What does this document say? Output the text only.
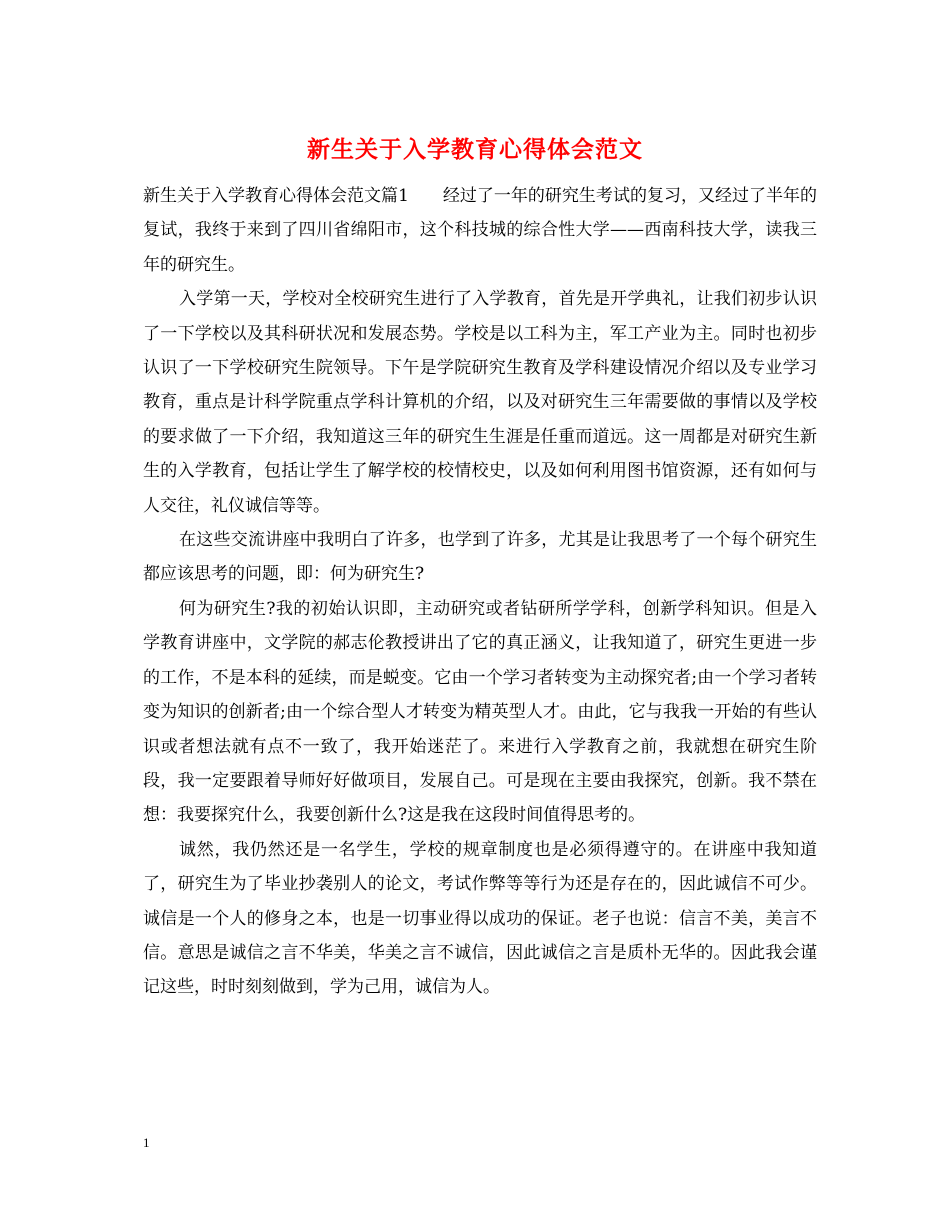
新生关于入学教育心得体会范文

新生关于入学教育心得体会范文篇1　　经过了一年的研究生考试的复习，又经过了半年的复试，我终于来到了四川省绵阳市，这个科技城的综合性大学——西南科技大学，读我三年的研究生。

入学第一天，学校对全校研究生进行了入学教育，首先是开学典礼，让我们初步认识了一下学校以及其科研状况和发展态势。学校是以工科为主，军工产业为主。同时也初步认识了一下学校研究生院领导。下午是学院研究生教育及学科建设情况介绍以及专业学习教育，重点是计科学院重点学科计算机的介绍，以及对研究生三年需要做的事情以及学校的要求做了一下介绍，我知道这三年的研究生生涯是任重而道远。这一周都是对研究生新生的入学教育，包括让学生了解学校的校情校史，以及如何利用图书馆资源，还有如何与人交往，礼仪诚信等等。

在这些交流讲座中我明白了许多，也学到了许多，尤其是让我思考了一个每个研究生都应该思考的问题，即：何为研究生?

何为研究生?我的初始认识即，主动研究或者钻研所学学科，创新学科知识。但是入学教育讲座中，文学院的郝志伦教授讲出了它的真正涵义，让我知道了，研究生更进一步的工作，不是本科的延续，而是蜕变。它由一个学习者转变为主动探究者;由一个学习者转变为知识的创新者;由一个综合型人才转变为精英型人才。由此，它与我我一开始的有些认识或者想法就有点不一致了，我开始迷茫了。来进行入学教育之前，我就想在研究生阶段，我一定要跟着导师好好做项目，发展自己。可是现在主要由我探究，创新。我不禁在想：我要探究什么，我要创新什么?这是我在这段时间值得思考的。

诚然，我仍然还是一名学生，学校的规章制度也是必须得遵守的。在讲座中我知道了，研究生为了毕业抄袭别人的论文，考试作弊等等行为还是存在的，因此诚信不可少。诚信是一个人的修身之本，也是一切事业得以成功的保证。老子也说：信言不美，美言不信。意思是诚信之言不华美，华美之言不诚信，因此诚信之言是质朴无华的。因此我会谨记这些，时时刻刻做到，学为己用，诚信为人。

1
